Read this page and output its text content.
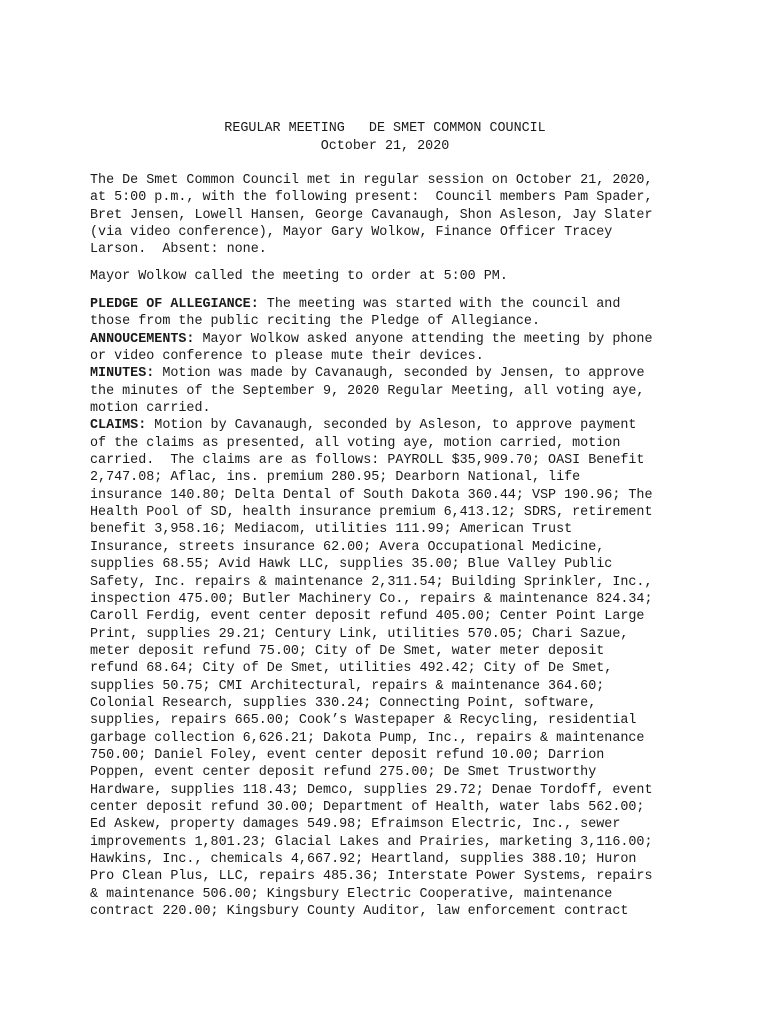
REGULAR MEETING   DE SMET COMMON COUNCIL
October 21, 2020
The De Smet Common Council met in regular session on October 21, 2020,
at 5:00 p.m., with the following present:  Council members Pam Spader,
Bret Jensen, Lowell Hansen, George Cavanaugh, Shon Asleson, Jay Slater
(via video conference), Mayor Gary Wolkow, Finance Officer Tracey
Larson.  Absent: none.
Mayor Wolkow called the meeting to order at 5:00 PM.
PLEDGE OF ALLEGIANCE: The meeting was started with the council and
those from the public reciting the Pledge of Allegiance.
ANNOUCEMENTS: Mayor Wolkow asked anyone attending the meeting by phone
or video conference to please mute their devices.
MINUTES: Motion was made by Cavanaugh, seconded by Jensen, to approve
the minutes of the September 9, 2020 Regular Meeting, all voting aye,
motion carried.
CLAIMS: Motion by Cavanaugh, seconded by Asleson, to approve payment
of the claims as presented, all voting aye, motion carried, motion
carried.  The claims are as follows: PAYROLL $35,909.70; OASI Benefit
2,747.08; Aflac, ins. premium 280.95; Dearborn National, life
insurance 140.80; Delta Dental of South Dakota 360.44; VSP 190.96; The
Health Pool of SD, health insurance premium 6,413.12; SDRS, retirement
benefit 3,958.16; Mediacom, utilities 111.99; American Trust
Insurance, streets insurance 62.00; Avera Occupational Medicine,
supplies 68.55; Avid Hawk LLC, supplies 35.00; Blue Valley Public
Safety, Inc. repairs & maintenance 2,311.54; Building Sprinkler, Inc.,
inspection 475.00; Butler Machinery Co., repairs & maintenance 824.34;
Caroll Ferdig, event center deposit refund 405.00; Center Point Large
Print, supplies 29.21; Century Link, utilities 570.05; Chari Sazue,
meter deposit refund 75.00; City of De Smet, water meter deposit
refund 68.64; City of De Smet, utilities 492.42; City of De Smet,
supplies 50.75; CMI Architectural, repairs & maintenance 364.60;
Colonial Research, supplies 330.24; Connecting Point, software,
supplies, repairs 665.00; Cook’s Wastepaper & Recycling, residential
garbage collection 6,626.21; Dakota Pump, Inc., repairs & maintenance
750.00; Daniel Foley, event center deposit refund 10.00; Darrion
Poppen, event center deposit refund 275.00; De Smet Trustworthy
Hardware, supplies 118.43; Demco, supplies 29.72; Denae Tordoff, event
center deposit refund 30.00; Department of Health, water labs 562.00;
Ed Askew, property damages 549.98; Efraimson Electric, Inc., sewer
improvements 1,801.23; Glacial Lakes and Prairies, marketing 3,116.00;
Hawkins, Inc., chemicals 4,667.92; Heartland, supplies 388.10; Huron
Pro Clean Plus, LLC, repairs 485.36; Interstate Power Systems, repairs
& maintenance 506.00; Kingsbury Electric Cooperative, maintenance
contract 220.00; Kingsbury County Auditor, law enforcement contract
